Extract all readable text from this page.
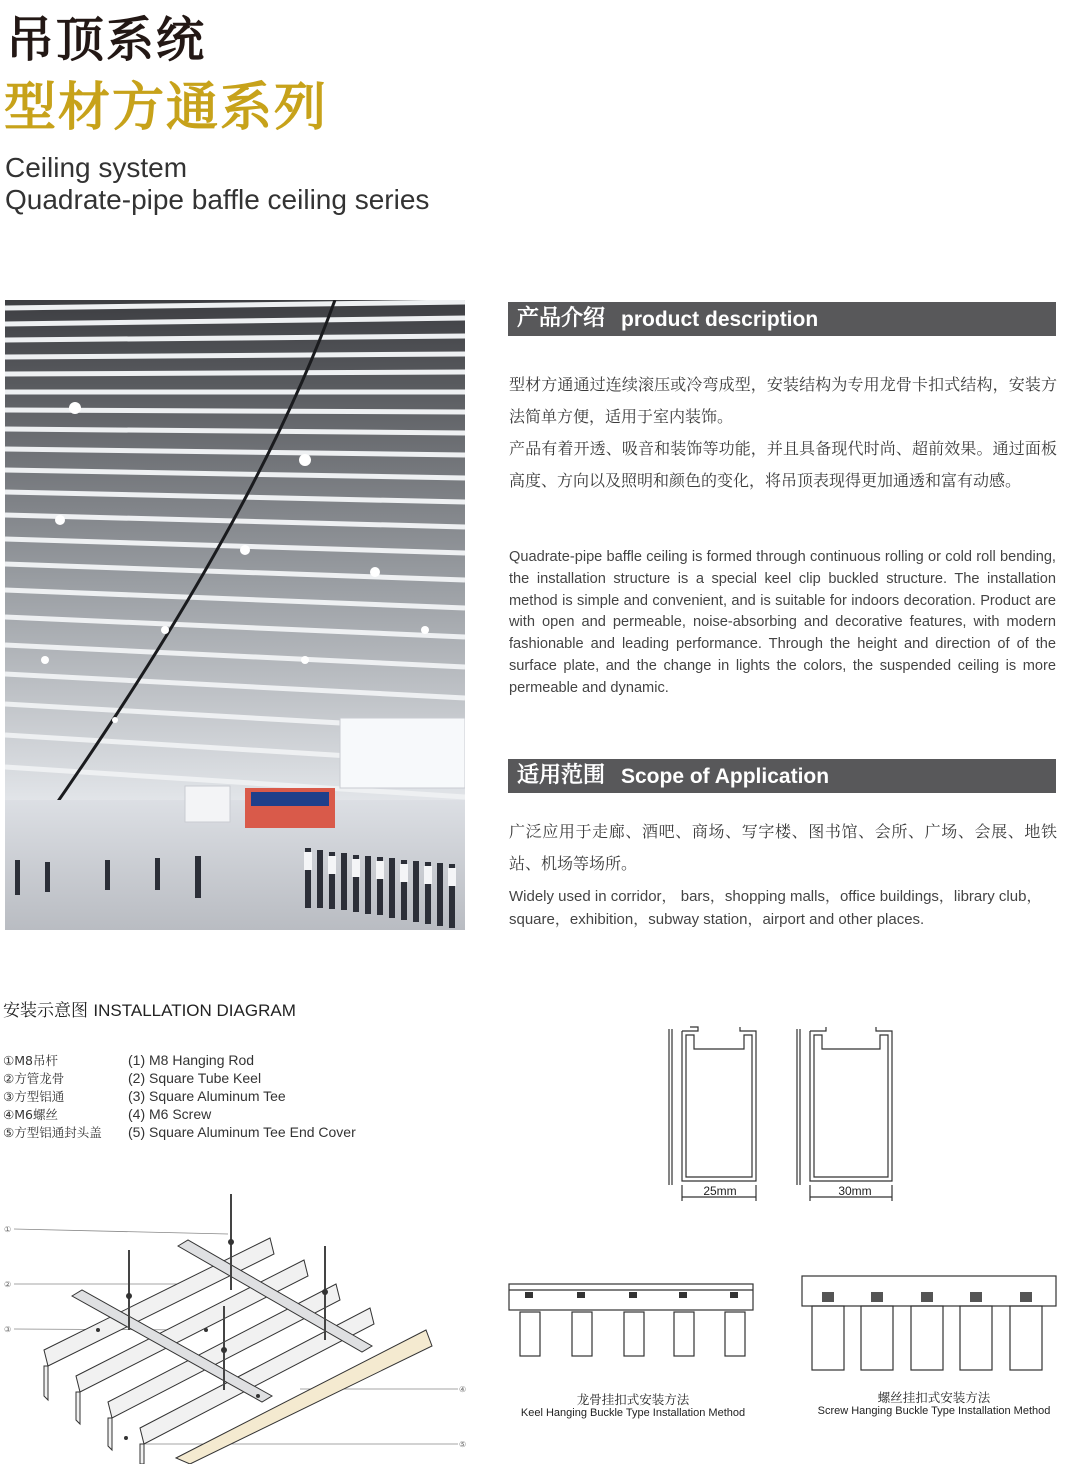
吊顶系统
型材方通系列
Ceiling system
Quadrate-pipe baffle ceiling series
产品介绍 product description
型材方通通过连续滚压或冷弯成型，安装结构为专用龙骨卡扣式结构，安装方法简单方便，适用于室内装饰。
产品有着开透、吸音和装饰等功能，并且具备现代时尚、超前效果。通过面板高度、方向以及照明和颜色的变化，将吊顶表现得更加通透和富有动感。
Quadrate-pipe baffle ceiling is formed through continuous rolling or cold roll bending, the installation structure is a special keel clip buckled structure. The installation method is simple and convenient, and is suitable for indoors decoration. Product are with open and permeable, noise-absorbing and decorative features, with modern fashionable and leading performance. Through the height and direction of of the surface plate, and the change in lights the colors, the suspended ceiling is more permeable and dynamic.
适用范围 Scope of Application
广泛应用于走廊、酒吧、商场、写字楼、图书馆、会所、广场、会展、地铁站、机场等场所。
Widely used in corridor， bars，shopping malls，office buildings，library club，square，exhibition，subway station，airport and other places.
安装示意图 INSTALLATION DIAGRAM
①M8吊杆
②方管龙骨
③方型铝通
④M6螺丝
⑤方型铝通封头盖
(1) M8 Hanging Rod
(2) Square Tube Keel
(3) Square Aluminum Tee
(4) M6 Screw
(5) Square Aluminum Tee End Cover
①
②
③
④
⑤
25mm	30mm
龙骨挂扣式安装方法
Keel Hanging Buckle Type Installation Method
螺丝挂扣式安装方法
Screw Hanging Buckle Type Installation Method
